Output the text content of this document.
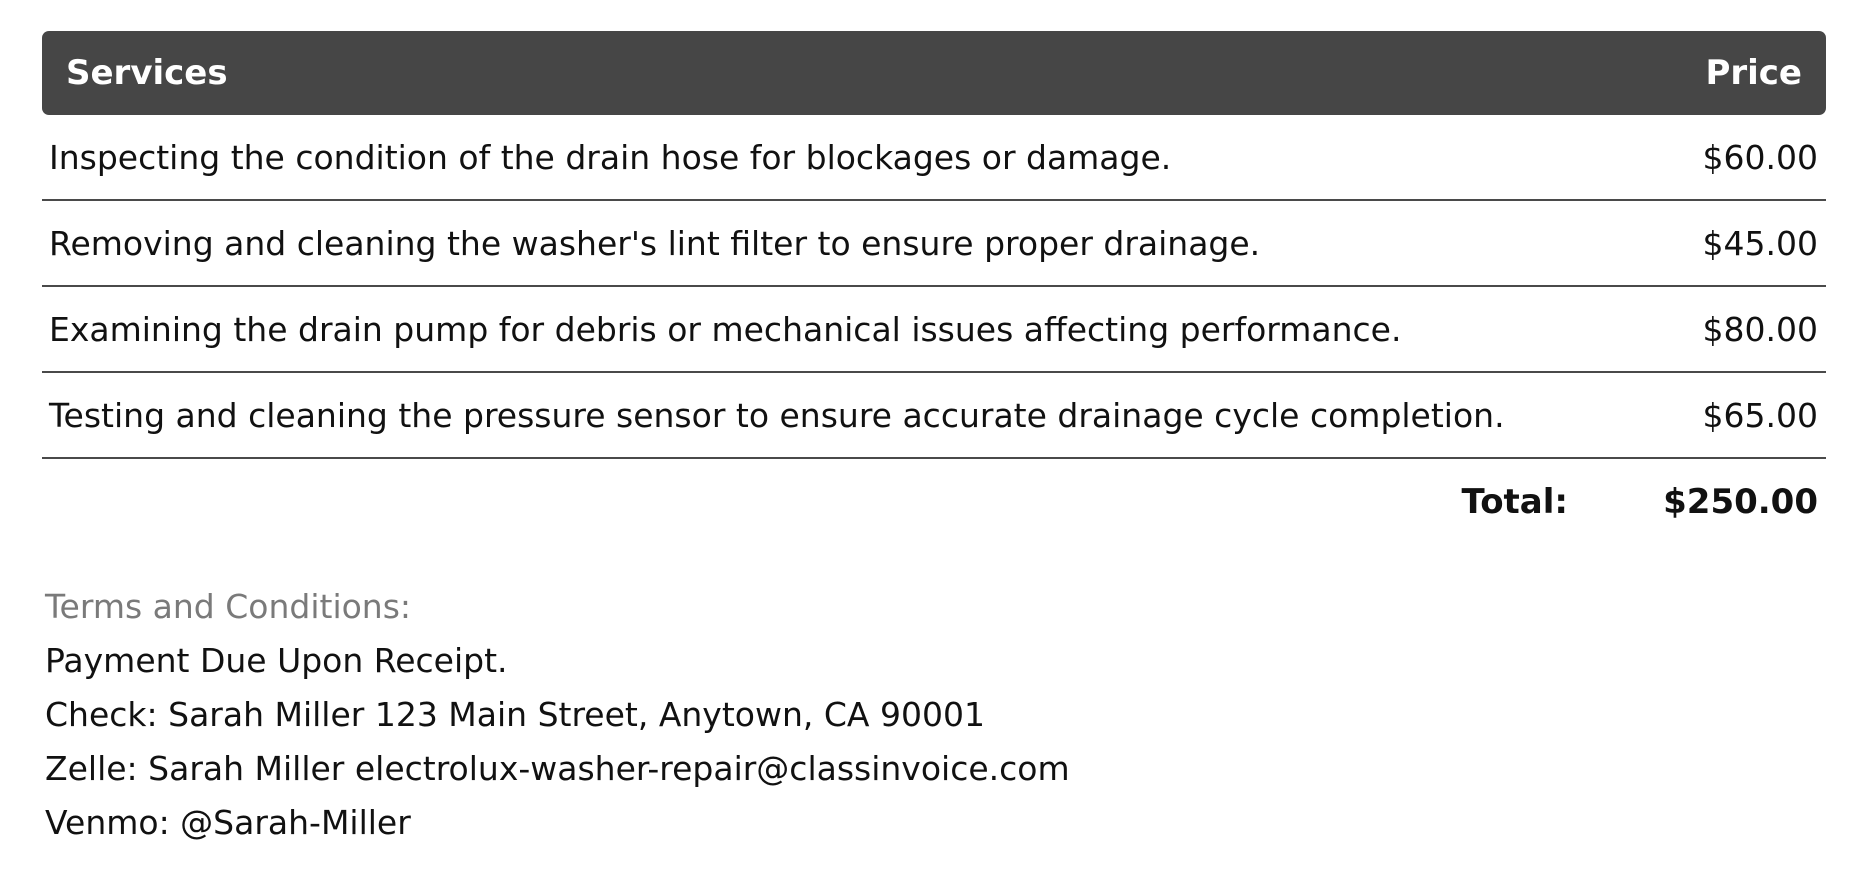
Services	Price
Inspecting the condition of the drain hose for blockages or damage.	$60.00
Removing and cleaning the washer's lint filter to ensure proper drainage.	$45.00
Examining the drain pump for debris or mechanical issues affecting performance.	$80.00
Testing and cleaning the pressure sensor to ensure accurate drainage cycle completion.	$65.00
Total:	$250.00
Terms and Conditions:
Payment Due Upon Receipt.
Check: Sarah Miller 123 Main Street, Anytown, CA 90001
Zelle: Sarah Miller electrolux-washer-repair@classinvoice.com
Venmo: @Sarah-Miller
